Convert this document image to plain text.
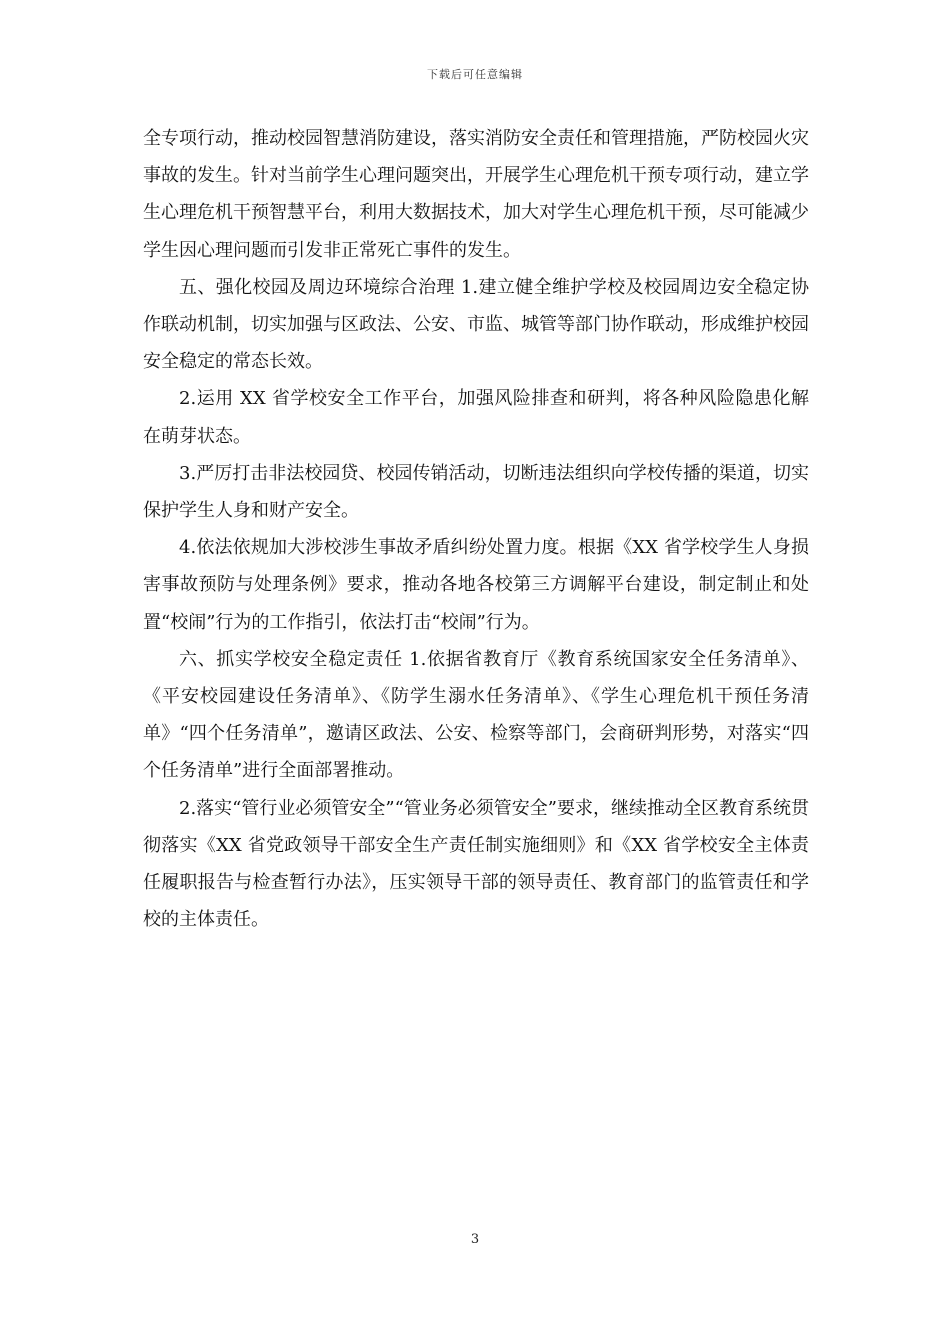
下载后可任意编辑

全专项行动，推动校园智慧消防建设，落实消防安全责任和管理措施，严防校园火灾事故的发生。针对当前学生心理问题突出，开展学生心理危机干预专项行动，建立学生心理危机干预智慧平台，利用大数据技术，加大对学生心理危机干预，尽可能减少学生因心理问题而引发非正常死亡事件的发生。

五、强化校园及周边环境综合治理 1.建立健全维护学校及校园周边安全稳定协作联动机制，切实加强与区政法、公安、市监、城管等部门协作联动，形成维护校园安全稳定的常态长效。

2.运用 XX 省学校安全工作平台，加强风险排查和研判，将各种风险隐患化解在萌芽状态。

3.严厉打击非法校园贷、校园传销活动，切断违法组织向学校传播的渠道，切实保护学生人身和财产安全。

4.依法依规加大涉校涉生事故矛盾纠纷处置力度。根据《XX 省学校学生人身损害事故预防与处理条例》要求，推动各地各校第三方调解平台建设，制定制止和处置“校闹”行为的工作指引，依法打击“校闹”行为。

六、抓实学校安全稳定责任 1.依据省教育厅《教育系统国家安全任务清单》、《平安校园建设任务清单》、《防学生溺水任务清单》、《学生心理危机干预任务清单》“四个任务清单”，邀请区政法、公安、检察等部门，会商研判形势，对落实“四个任务清单”进行全面部署推动。

2.落实“管行业必须管安全”“管业务必须管安全”要求，继续推动全区教育系统贯彻落实《XX 省党政领导干部安全生产责任制实施细则》和《XX 省学校安全主体责任履职报告与检查暂行办法》，压实领导干部的领导责任、教育部门的监管责任和学校的主体责任。

3
